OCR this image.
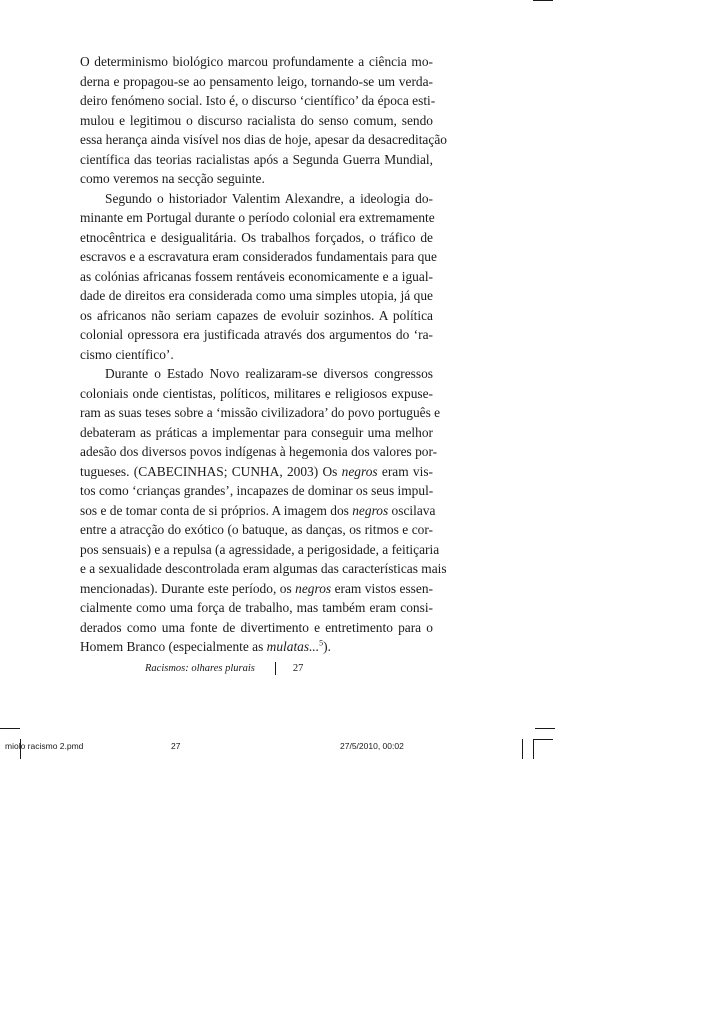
O determinismo biológico marcou profundamente a ciência mo-
derna e propagou-se ao pensamento leigo, tornando-se um verda-
deiro fenómeno social. Isto é, o discurso ‘científico’ da época esti-
mulou e legitimou o discurso racialista do senso comum, sendo
essa herança ainda visível nos dias de hoje, apesar da desacreditação
científica das teorias racialistas após a Segunda Guerra Mundial,
como veremos na secção seguinte.
Segundo o historiador Valentim Alexandre, a ideologia do-
minante em Portugal durante o período colonial era extremamente
etnocêntrica e desigualitária. Os trabalhos forçados, o tráfico de
escravos e a escravatura eram considerados fundamentais para que
as colónias africanas fossem rentáveis economicamente e a igual-
dade de direitos era considerada como uma simples utopia, já que
os africanos não seriam capazes de evoluir sozinhos. A política
colonial opressora era justificada através dos argumentos do ‘ra-
cismo científico’.
Durante o Estado Novo realizaram-se diversos congressos
coloniais onde cientistas, políticos, militares e religiosos expuse-
ram as suas teses sobre a ‘missão civilizadora’ do povo português e
debateram as práticas a implementar para conseguir uma melhor
adesão dos diversos povos indígenas à hegemonia dos valores por-
tugueses. (CABECINHAS; CUNHA, 2003) Os negros eram vis-
tos como ‘crianças grandes’, incapazes de dominar os seus impul-
sos e de tomar conta de si próprios. A imagem dos negros oscilava
entre a atracção do exótico (o batuque, as danças, os ritmos e cor-
pos sensuais) e a repulsa (a agressidade, a perigosidade, a feitiçaria
e a sexualidade descontrolada eram algumas das características mais
mencionadas). Durante este período, os negros eram vistos essen-
cialmente como uma força de trabalho, mas também eram consi-
derados como uma fonte de divertimento e entretimento para o
Homem Branco (especialmente as mulatas...$^5$).
Racismos: olhares plurais	27
miolo racismo 2.pmd	27	27/5/2010, 00:02
